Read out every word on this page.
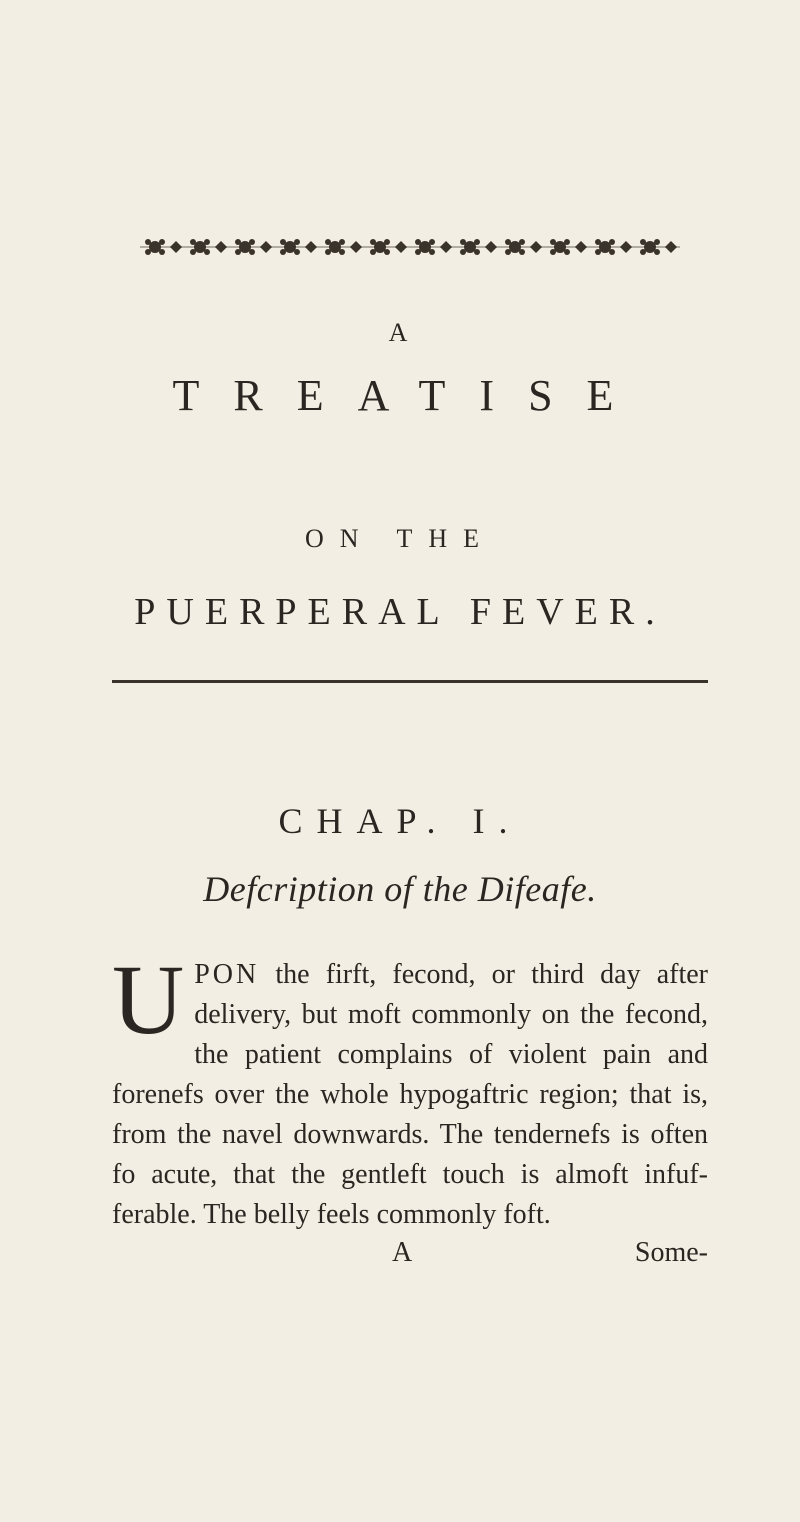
A
TREATISE
ON THE
PUERPERAL FEVER.
CHAP. I.
Defcription of the Difeafe.

U PON the firft, fecond, or third day after delivery, but moft commonly on the fecond, the patient complains of violent pain and forenefs over the whole hypogaftric region; that is, from the navel downwards. The tendernefs is often fo acute, that the gentleft touch is almoft infuf- ferable. The belly feels commonly foft.

A	Some-
